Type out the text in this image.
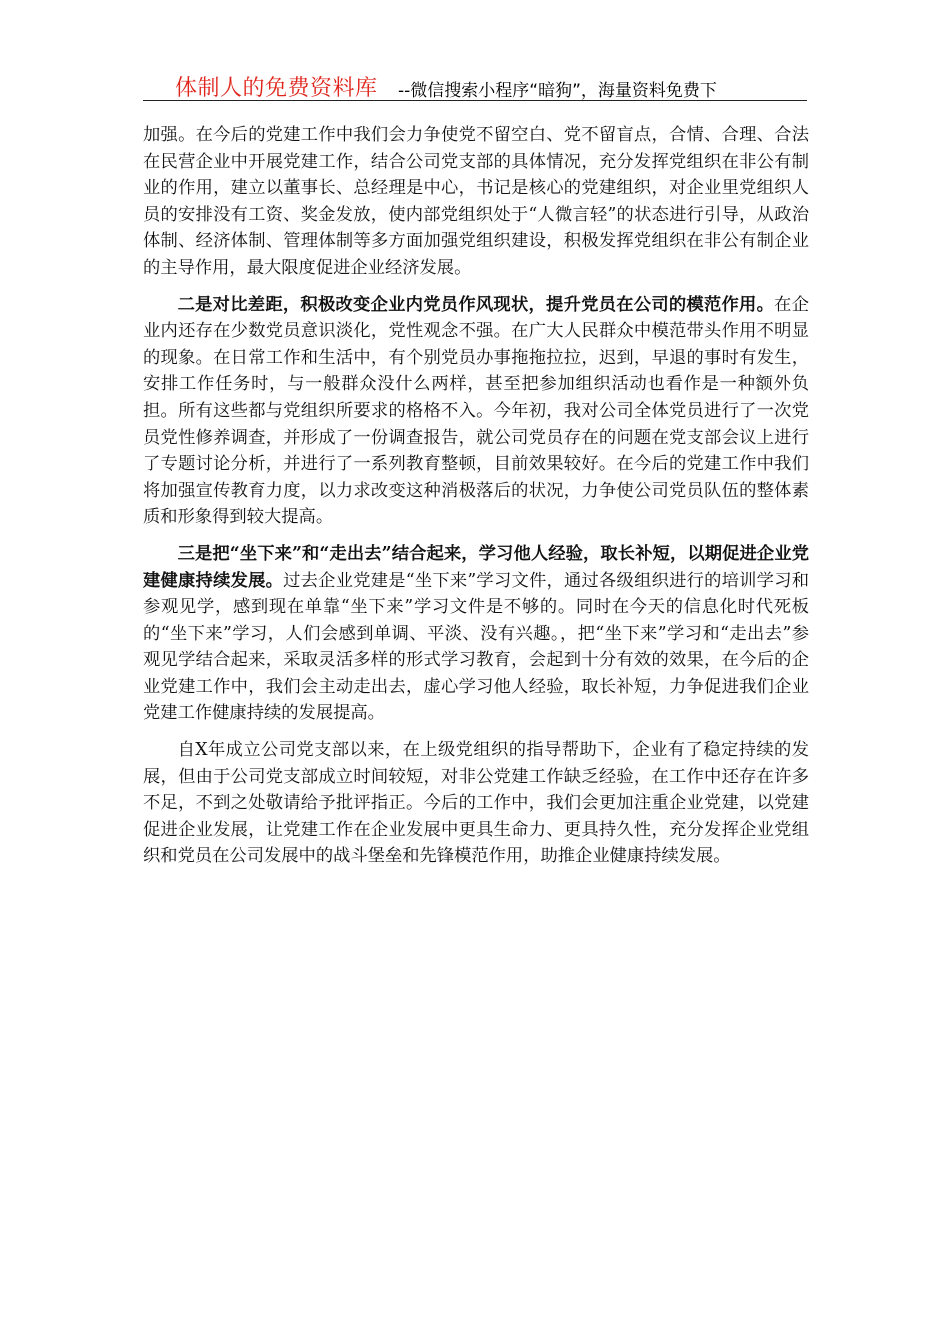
体制人的免费资料库 --微信搜索小程序“暗狗”，海量资料免费下

加强。在今后的党建工作中我们会力争使党不留空白、党不留盲点，合情、合理、合法在民营企业中开展党建工作，结合公司党支部的具体情况，充分发挥党组织在非公有制业的作用，建立以董事长、总经理是中心，书记是核心的党建组织，对企业里党组织人员的安排没有工资、奖金发放，使内部党组织处于“人微言轻”的状态进行引导，从政治体制、经济体制、管理体制等多方面加强党组织建设，积极发挥党组织在非公有制企业的主导作用，最大限度促进企业经济发展。

二是对比差距，积极改变企业内党员作风现状，提升党员在公司的模范作用。在企业内还存在少数党员意识淡化，党性观念不强。在广大人民群众中模范带头作用不明显的现象。在日常工作和生活中，有个别党员办事拖拖拉拉，迟到，早退的事时有发生，安排工作任务时，与一般群众没什么两样，甚至把参加组织活动也看作是一种额外负担。所有这些都与党组织所要求的格格不入。今年初，我对公司全体党员进行了一次党员党性修养调查，并形成了一份调查报告，就公司党员存在的问题在党支部会议上进行了专题讨论分析，并进行了一系列教育整顿，目前效果较好。在今后的党建工作中我们将加强宣传教育力度，以力求改变这种消极落后的状况，力争使公司党员队伍的整体素质和形象得到较大提高。

三是把“坐下来”和“走出去”结合起来，学习他人经验，取长补短，以期促进企业党建健康持续发展。过去企业党建是“坐下来”学习文件，通过各级组织进行的培训学习和参观见学，感到现在单靠“坐下来”学习文件是不够的。同时在今天的信息化时代死板的“坐下来”学习，人们会感到单调、平淡、没有兴趣。，把“坐下来”学习和“走出去”参观见学结合起来，采取灵活多样的形式学习教育，会起到十分有效的效果，在今后的企业党建工作中，我们会主动走出去，虚心学习他人经验，取长补短，力争促进我们企业党建工作健康持续的发展提高。

自X年成立公司党支部以来，在上级党组织的指导帮助下，企业有了稳定持续的发展，但由于公司党支部成立时间较短，对非公党建工作缺乏经验，在工作中还存在许多不足，不到之处敬请给予批评指正。今后的工作中，我们会更加注重企业党建，以党建促进企业发展，让党建工作在企业发展中更具生命力、更具持久性，充分发挥企业党组织和党员在公司发展中的战斗堡垒和先锋模范作用，助推企业健康持续发展。
